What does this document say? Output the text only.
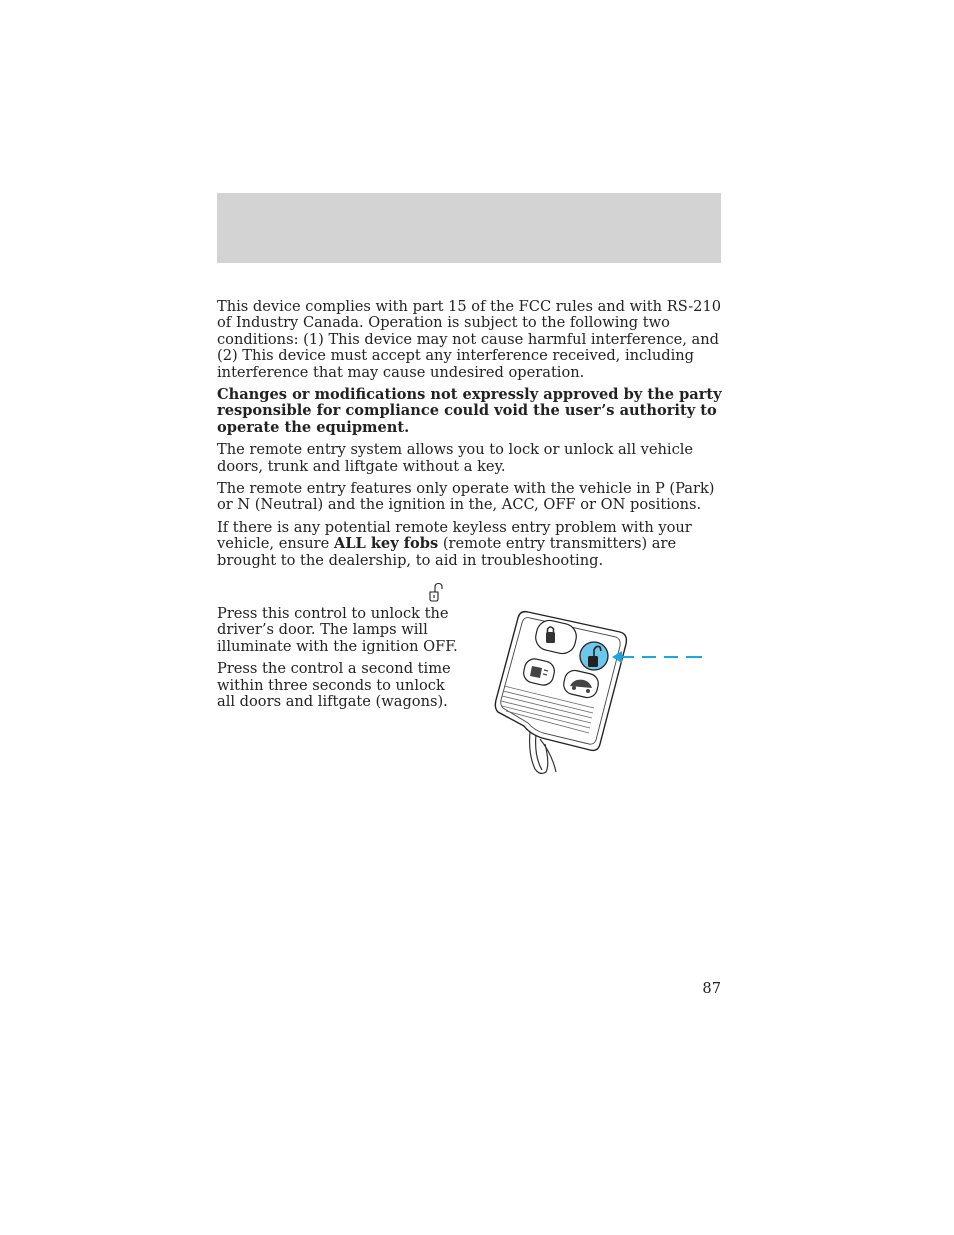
This device complies with part 15 of the FCC rules and with RS-210 of Industry Canada. Operation is subject to the following two conditions: (1) This device may not cause harmful interference, and (2) This device must accept any interference received, including interference that may cause undesired operation.

Changes or modifications not expressly approved by the party responsible for compliance could void the user’s authority to operate the equipment.

The remote entry system allows you to lock or unlock all vehicle doors, trunk and liftgate without a key.

The remote entry features only operate with the vehicle in P (Park) or N (Neutral) and the ignition in the, ACC, OFF or ON positions.

If there is any potential remote keyless entry problem with your vehicle, ensure ALL key fobs (remote entry transmitters) are brought to the dealership, to aid in troubleshooting.

Press this control to unlock the driver’s door. The lamps will illuminate with the ignition OFF.

Press the control a second time within three seconds to unlock all doors and liftgate (wagons).

87
